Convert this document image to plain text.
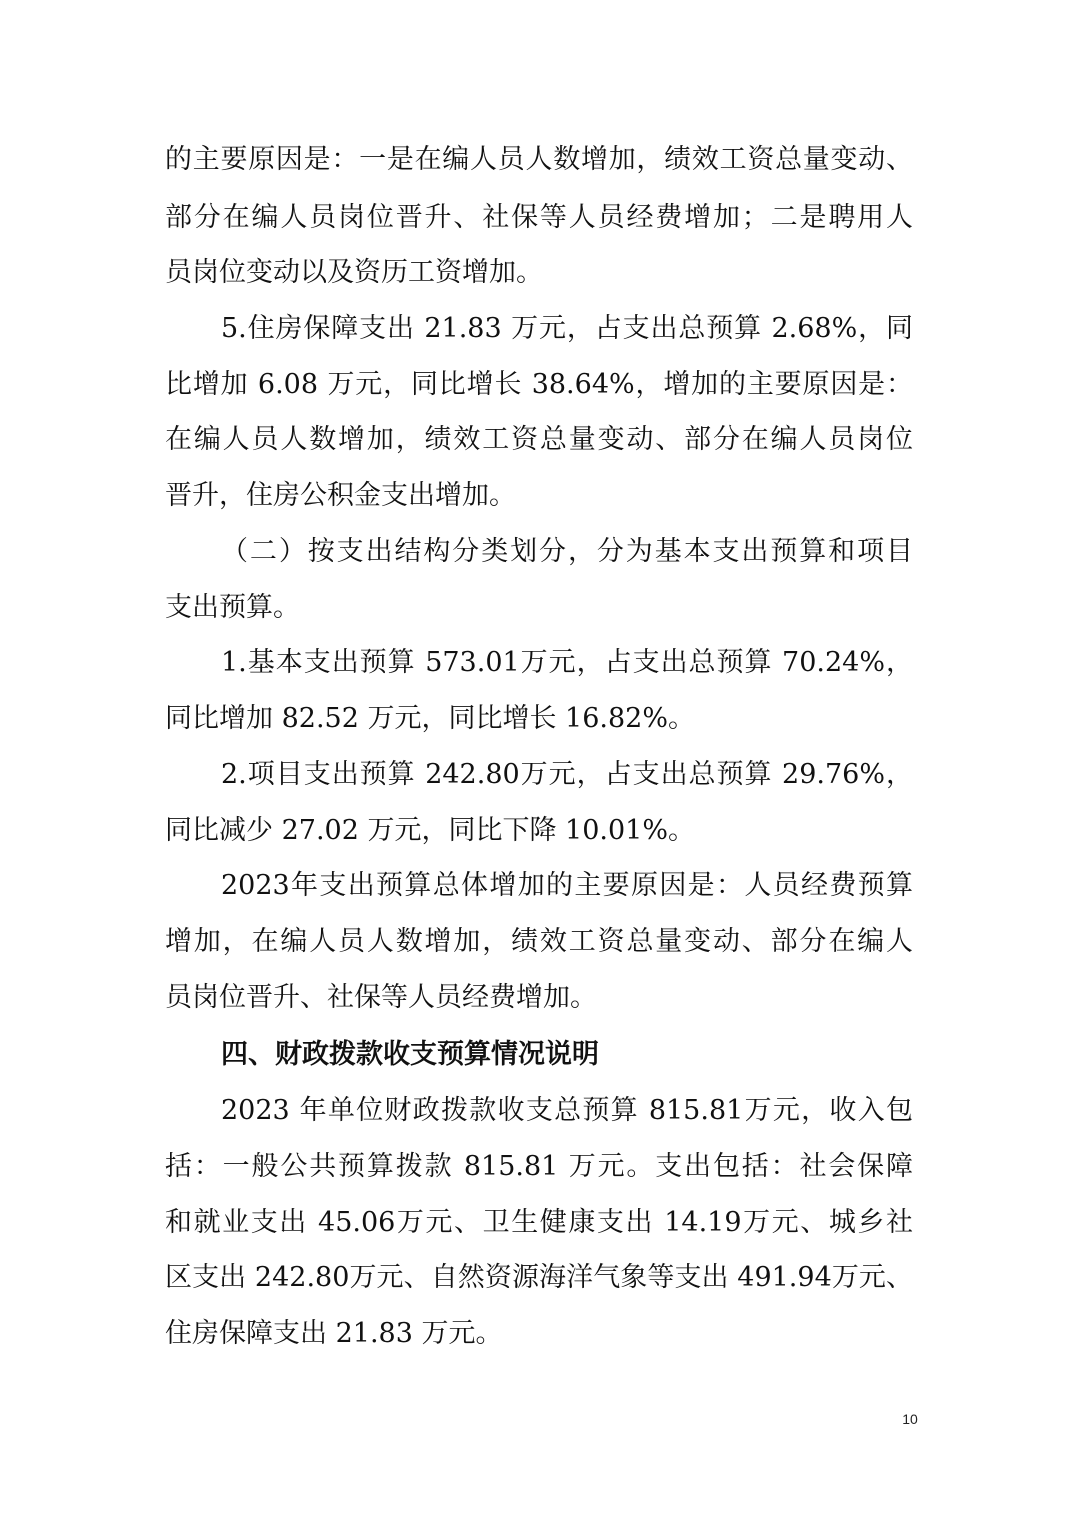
的主要原因是：一是在编人员人数增加，绩效工资总量变动、
部分在编人员岗位晋升、社保等人员经费增加；二是聘用人
员岗位变动以及资历工资增加。
5.住房保障支出 21.83 万元，占支出总预算 2.68%，同
比增加 6.08 万元，同比增长 38.64%，增加的主要原因是：
在编人员人数增加，绩效工资总量变动、部分在编人员岗位
晋升，住房公积金支出增加。
（二）按支出结构分类划分，分为基本支出预算和项目
支出预算。
1.基本支出预算 573.01万元，占支出总预算 70.24%，
同比增加 82.52 万元，同比增长 16.82%。
2.项目支出预算 242.80万元，占支出总预算 29.76%，
同比减少 27.02 万元，同比下降 10.01%。
2023年支出预算总体增加的主要原因是：人员经费预算
增加，在编人员人数增加，绩效工资总量变动、部分在编人
员岗位晋升、社保等人员经费增加。
四、财政拨款收支预算情况说明
2023 年单位财政拨款收支总预算 815.81万元，收入包
括：一般公共预算拨款 815.81 万元。支出包括：社会保障
和就业支出 45.06万元、卫生健康支出 14.19万元、城乡社
区支出 242.80万元、自然资源海洋气象等支出 491.94万元、
住房保障支出 21.83 万元。
10
